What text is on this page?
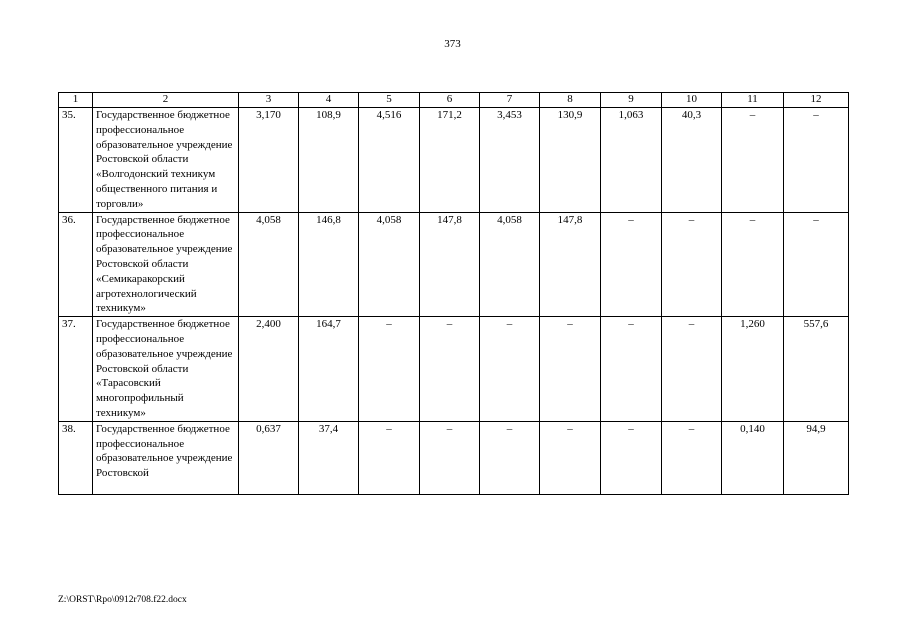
373
1	2	3	4	5	6	7	8	9	10	11	12
35.	Государственное бюджетное профессиональное образовательное учреждение Ростовской области «Волгодонский техникум общественного питания и торговли»	3,170	108,9	4,516	171,2	3,453	130,9	1,063	40,3	–	–
36.	Государственное бюджетное профессиональное образовательное учреждение Ростовской области «Семикаракорский агротехнологический техникум»	4,058	146,8	4,058	147,8	4,058	147,8	–	–	–	–
37.	Государственное бюджетное профессиональное образовательное учреждение Ростовской области «Тарасовский многопрофильный техникум»	2,400	164,7	–	–	–	–	–	–	1,260	557,6
38.	Государственное бюджетное профессиональное образовательное учреждение Ростовской	0,637	37,4	–	–	–	–	–	–	0,140	94,9
Z:\ORST\Rpo\0912r708.f22.docx
